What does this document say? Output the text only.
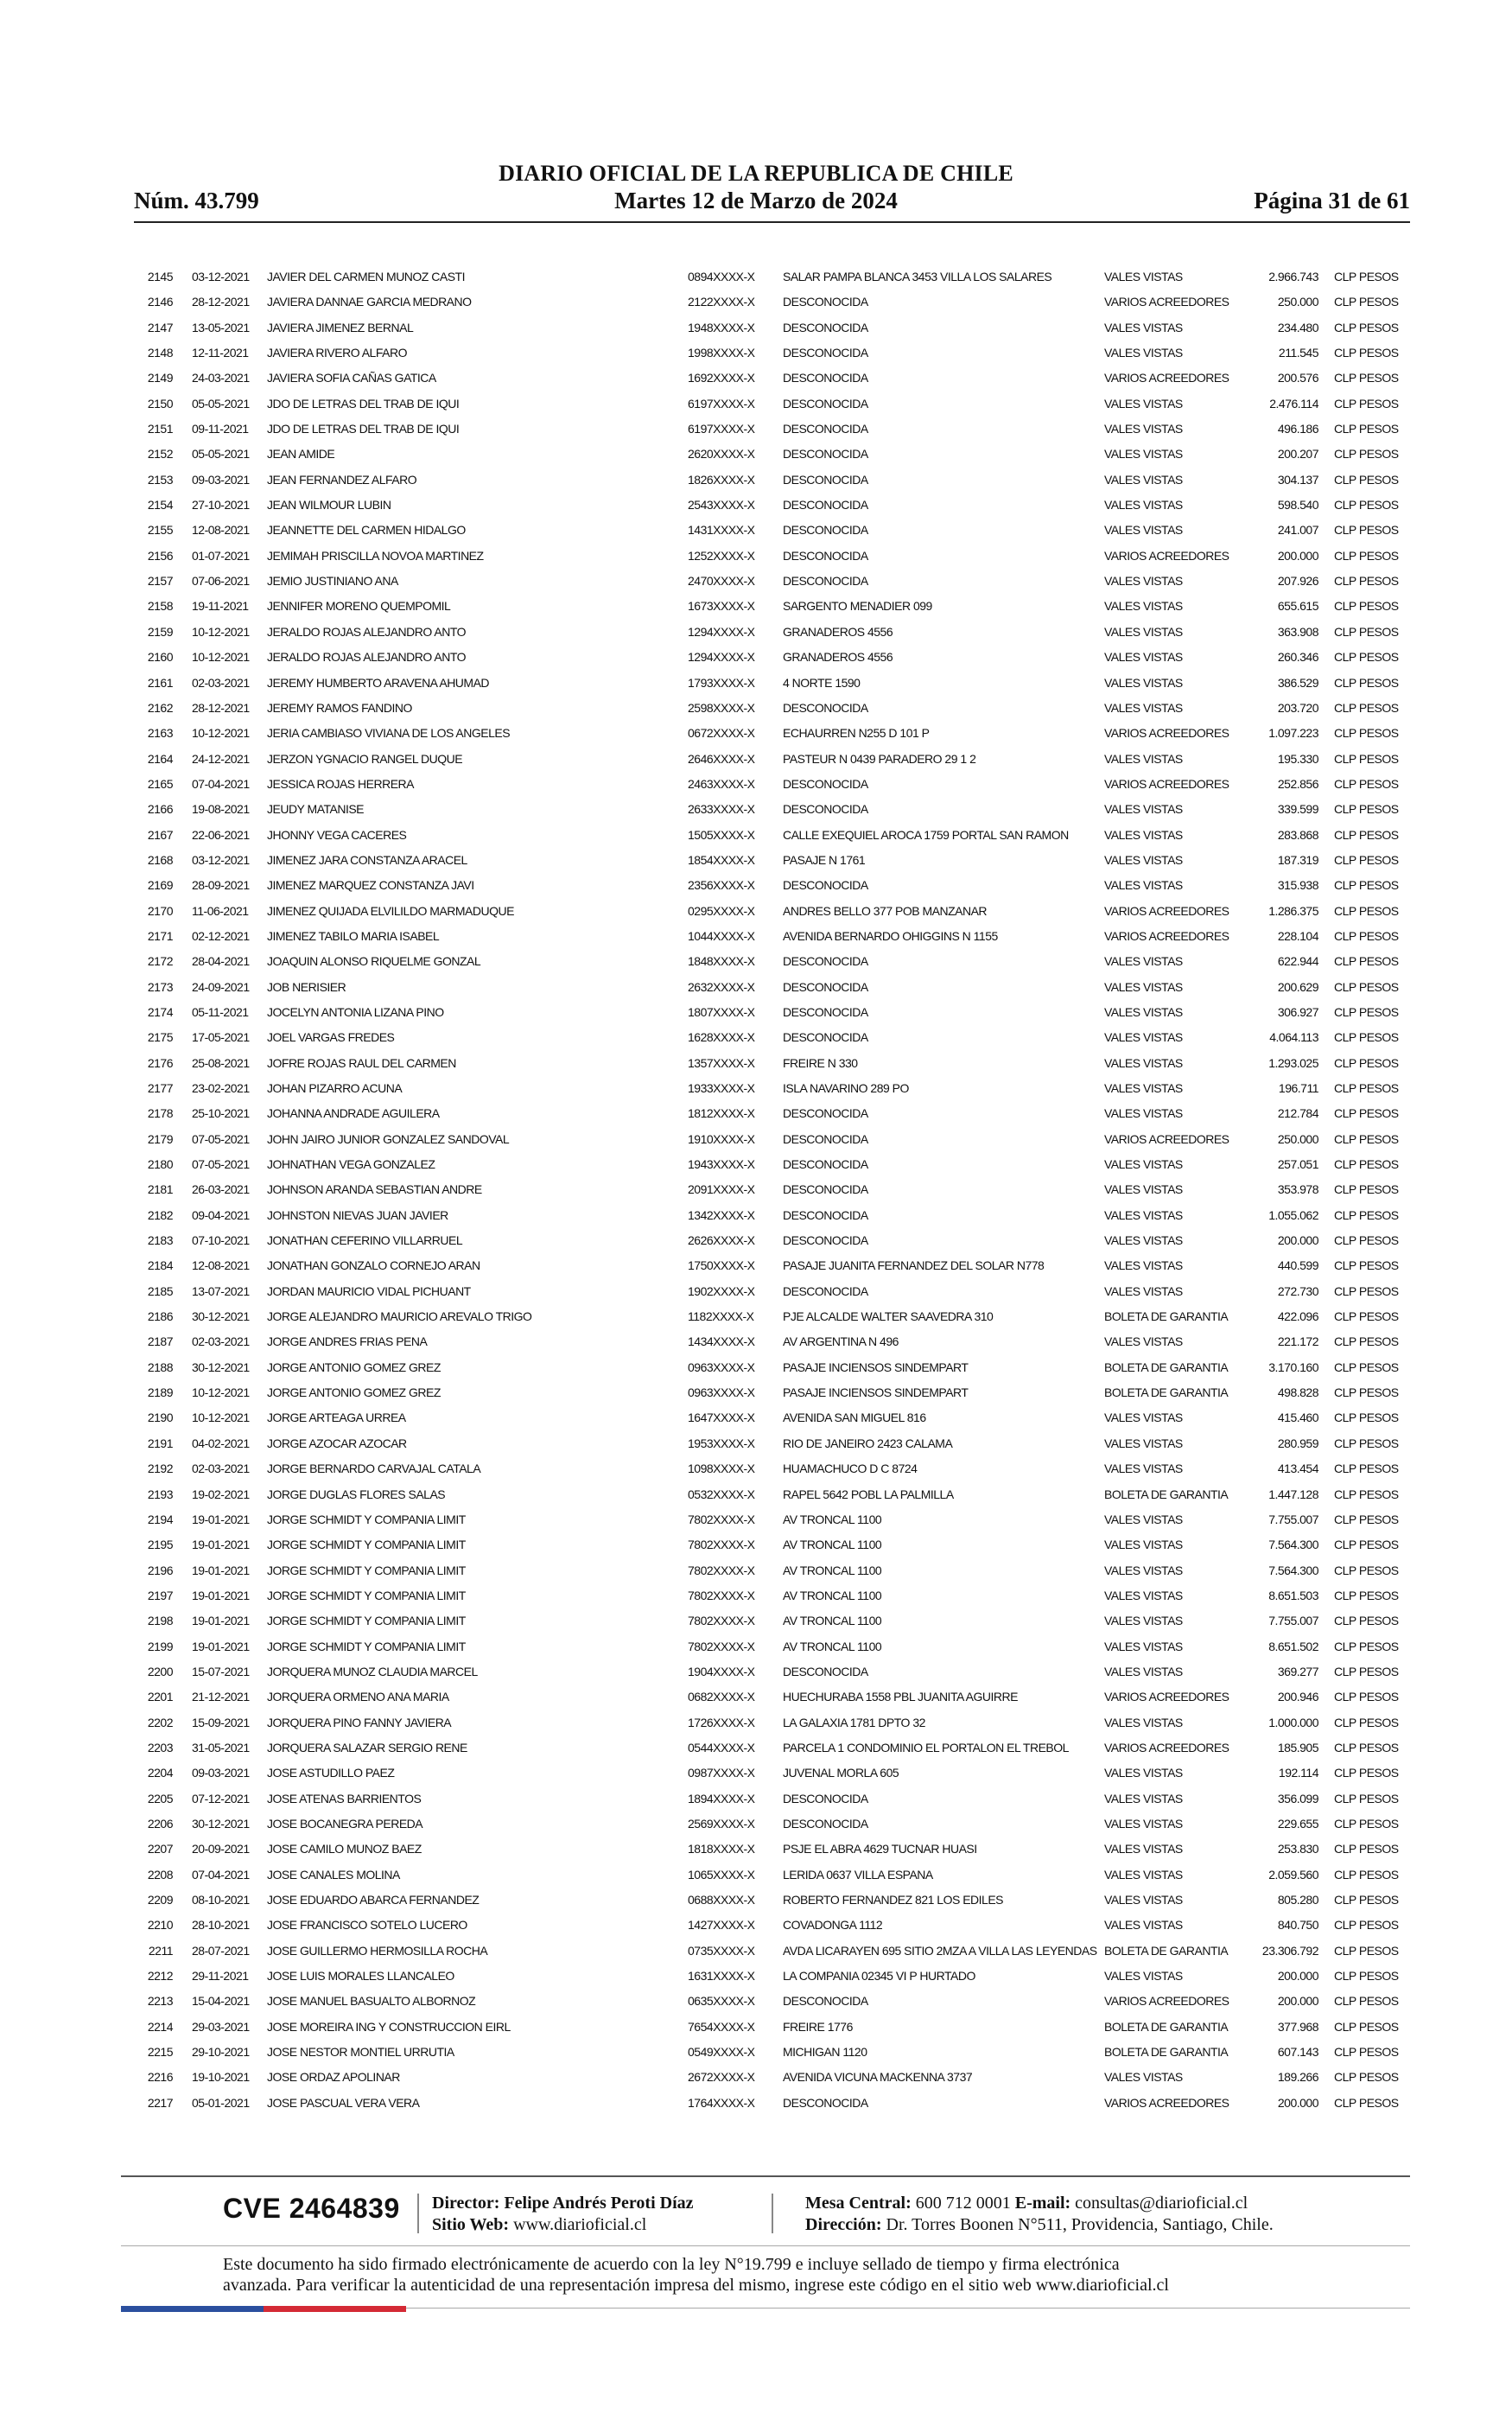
DIARIO OFICIAL DE LA REPUBLICA DE CHILE
Núm. 43.799	Martes 12 de Marzo de 2024	Página 31 de 61
2145 03-12-2021 JAVIER DEL CARMEN MUNOZ CASTI	0894XXXX-X SALAR PAMPA BLANCA 3453 VILLA LOS SALARES	VALES VISTAS	2.966.743 CLP PESOS
2146 28-12-2021 JAVIERA DANNAE GARCIA MEDRANO	2122XXXX-X DESCONOCIDA	VARIOS ACREEDORES	250.000 CLP PESOS
2147 13-05-2021 JAVIERA JIMENEZ BERNAL	1948XXXX-X DESCONOCIDA	VALES VISTAS	234.480 CLP PESOS
2148 12-11-2021 JAVIERA RIVERO ALFARO	1998XXXX-X DESCONOCIDA	VALES VISTAS	211.545 CLP PESOS
2149 24-03-2021 JAVIERA SOFIA CAÑAS GATICA	1692XXXX-X DESCONOCIDA	VARIOS ACREEDORES	200.576 CLP PESOS
2150 05-05-2021 JDO DE LETRAS DEL TRAB DE IQUI	6197XXXX-X DESCONOCIDA	VALES VISTAS	2.476.114 CLP PESOS
2151 09-11-2021 JDO DE LETRAS DEL TRAB DE IQUI	6197XXXX-X DESCONOCIDA	VALES VISTAS	496.186 CLP PESOS
2152 05-05-2021 JEAN AMIDE	2620XXXX-X DESCONOCIDA	VALES VISTAS	200.207 CLP PESOS
2153 09-03-2021 JEAN FERNANDEZ ALFARO	1826XXXX-X DESCONOCIDA	VALES VISTAS	304.137 CLP PESOS
2154 27-10-2021 JEAN WILMOUR LUBIN	2543XXXX-X DESCONOCIDA	VALES VISTAS	598.540 CLP PESOS
2155 12-08-2021 JEANNETTE DEL CARMEN HIDALGO	1431XXXX-X DESCONOCIDA	VALES VISTAS	241.007 CLP PESOS
2156 01-07-2021 JEMIMAH PRISCILLA NOVOA MARTINEZ	1252XXXX-X DESCONOCIDA	VARIOS ACREEDORES	200.000 CLP PESOS
2157 07-06-2021 JEMIO JUSTINIANO ANA	2470XXXX-X DESCONOCIDA	VALES VISTAS	207.926 CLP PESOS
2158 19-11-2021 JENNIFER MORENO QUEMPOMIL	1673XXXX-X SARGENTO MENADIER 099	VALES VISTAS	655.615 CLP PESOS
2159 10-12-2021 JERALDO ROJAS ALEJANDRO ANTO	1294XXXX-X GRANADEROS 4556	VALES VISTAS	363.908 CLP PESOS
2160 10-12-2021 JERALDO ROJAS ALEJANDRO ANTO	1294XXXX-X GRANADEROS 4556	VALES VISTAS	260.346 CLP PESOS
2161 02-03-2021 JEREMY HUMBERTO ARAVENA AHUMAD	1793XXXX-X 4 NORTE 1590	VALES VISTAS	386.529 CLP PESOS
2162 28-12-2021 JEREMY RAMOS FANDINO	2598XXXX-X DESCONOCIDA	VALES VISTAS	203.720 CLP PESOS
2163 10-12-2021 JERIA CAMBIASO VIVIANA DE LOS ANGELES	0672XXXX-X ECHAURREN N255 D 101 P	VARIOS ACREEDORES	1.097.223 CLP PESOS
2164 24-12-2021 JERZON YGNACIO RANGEL DUQUE	2646XXXX-X PASTEUR N 0439 PARADERO 29 1 2	VALES VISTAS	195.330 CLP PESOS
2165 07-04-2021 JESSICA ROJAS HERRERA	2463XXXX-X DESCONOCIDA	VARIOS ACREEDORES	252.856 CLP PESOS
2166 19-08-2021 JEUDY MATANISE	2633XXXX-X DESCONOCIDA	VALES VISTAS	339.599 CLP PESOS
2167 22-06-2021 JHONNY VEGA CACERES	1505XXXX-X CALLE EXEQUIEL AROCA 1759 PORTAL SAN RAMON	VALES VISTAS	283.868 CLP PESOS
2168 03-12-2021 JIMENEZ JARA CONSTANZA ARACEL	1854XXXX-X PASAJE N 1761	VALES VISTAS	187.319 CLP PESOS
2169 28-09-2021 JIMENEZ MARQUEZ CONSTANZA JAVI	2356XXXX-X DESCONOCIDA	VALES VISTAS	315.938 CLP PESOS
2170 11-06-2021 JIMENEZ QUIJADA ELVILILDO MARMADUQUE	0295XXXX-X ANDRES BELLO 377 POB MANZANAR	VARIOS ACREEDORES	1.286.375 CLP PESOS
2171 02-12-2021 JIMENEZ TABILO MARIA ISABEL	1044XXXX-X AVENIDA BERNARDO OHIGGINS N 1155	VARIOS ACREEDORES	228.104 CLP PESOS
2172 28-04-2021 JOAQUIN ALONSO RIQUELME GONZAL	1848XXXX-X DESCONOCIDA	VALES VISTAS	622.944 CLP PESOS
2173 24-09-2021 JOB NERISIER	2632XXXX-X DESCONOCIDA	VALES VISTAS	200.629 CLP PESOS
2174 05-11-2021 JOCELYN ANTONIA LIZANA PINO	1807XXXX-X DESCONOCIDA	VALES VISTAS	306.927 CLP PESOS
2175 17-05-2021 JOEL VARGAS FREDES	1628XXXX-X DESCONOCIDA	VALES VISTAS	4.064.113 CLP PESOS
2176 25-08-2021 JOFRE ROJAS RAUL DEL CARMEN	1357XXXX-X FREIRE N 330	VALES VISTAS	1.293.025 CLP PESOS
2177 23-02-2021 JOHAN PIZARRO ACUNA	1933XXXX-X ISLA NAVARINO 289 PO	VALES VISTAS	196.711 CLP PESOS
2178 25-10-2021 JOHANNA ANDRADE AGUILERA	1812XXXX-X DESCONOCIDA	VALES VISTAS	212.784 CLP PESOS
2179 07-05-2021 JOHN JAIRO JUNIOR GONZALEZ SANDOVAL	1910XXXX-X DESCONOCIDA	VARIOS ACREEDORES	250.000 CLP PESOS
2180 07-05-2021 JOHNATHAN VEGA GONZALEZ	1943XXXX-X DESCONOCIDA	VALES VISTAS	257.051 CLP PESOS
2181 26-03-2021 JOHNSON ARANDA SEBASTIAN ANDRE	2091XXXX-X DESCONOCIDA	VALES VISTAS	353.978 CLP PESOS
2182 09-04-2021 JOHNSTON NIEVAS JUAN JAVIER	1342XXXX-X DESCONOCIDA	VALES VISTAS	1.055.062 CLP PESOS
2183 07-10-2021 JONATHAN CEFERINO VILLARRUEL	2626XXXX-X DESCONOCIDA	VALES VISTAS	200.000 CLP PESOS
2184 12-08-2021 JONATHAN GONZALO CORNEJO ARAN	1750XXXX-X PASAJE JUANITA FERNANDEZ DEL SOLAR N778	VALES VISTAS	440.599 CLP PESOS
2185 13-07-2021 JORDAN MAURICIO VIDAL PICHUANT	1902XXXX-X DESCONOCIDA	VALES VISTAS	272.730 CLP PESOS
2186 30-12-2021 JORGE ALEJANDRO MAURICIO AREVALO TRIGO	1182XXXX-X PJE ALCALDE WALTER SAAVEDRA 310	BOLETA DE GARANTIA	422.096 CLP PESOS
2187 02-03-2021 JORGE ANDRES FRIAS PENA	1434XXXX-X AV ARGENTINA N 496	VALES VISTAS	221.172 CLP PESOS
2188 30-12-2021 JORGE ANTONIO GOMEZ GREZ	0963XXXX-X PASAJE INCIENSOS SINDEMPART	BOLETA DE GARANTIA	3.170.160 CLP PESOS
2189 10-12-2021 JORGE ANTONIO GOMEZ GREZ	0963XXXX-X PASAJE INCIENSOS SINDEMPART	BOLETA DE GARANTIA	498.828 CLP PESOS
2190 10-12-2021 JORGE ARTEAGA URREA	1647XXXX-X AVENIDA SAN MIGUEL 816	VALES VISTAS	415.460 CLP PESOS
2191 04-02-2021 JORGE AZOCAR AZOCAR	1953XXXX-X RIO DE JANEIRO 2423 CALAMA	VALES VISTAS	280.959 CLP PESOS
2192 02-03-2021 JORGE BERNARDO CARVAJAL CATALA	1098XXXX-X HUAMACHUCO D C 8724	VALES VISTAS	413.454 CLP PESOS
2193 19-02-2021 JORGE DUGLAS FLORES SALAS	0532XXXX-X RAPEL 5642 POBL LA PALMILLA	BOLETA DE GARANTIA	1.447.128 CLP PESOS
2194 19-01-2021 JORGE SCHMIDT Y COMPANIA LIMIT	7802XXXX-X AV TRONCAL 1100	VALES VISTAS	7.755.007 CLP PESOS
2195 19-01-2021 JORGE SCHMIDT Y COMPANIA LIMIT	7802XXXX-X AV TRONCAL 1100	VALES VISTAS	7.564.300 CLP PESOS
2196 19-01-2021 JORGE SCHMIDT Y COMPANIA LIMIT	7802XXXX-X AV TRONCAL 1100	VALES VISTAS	7.564.300 CLP PESOS
2197 19-01-2021 JORGE SCHMIDT Y COMPANIA LIMIT	7802XXXX-X AV TRONCAL 1100	VALES VISTAS	8.651.503 CLP PESOS
2198 19-01-2021 JORGE SCHMIDT Y COMPANIA LIMIT	7802XXXX-X AV TRONCAL 1100	VALES VISTAS	7.755.007 CLP PESOS
2199 19-01-2021 JORGE SCHMIDT Y COMPANIA LIMIT	7802XXXX-X AV TRONCAL 1100	VALES VISTAS	8.651.502 CLP PESOS
2200 15-07-2021 JORQUERA MUNOZ CLAUDIA MARCEL	1904XXXX-X DESCONOCIDA	VALES VISTAS	369.277 CLP PESOS
2201 21-12-2021 JORQUERA ORMENO ANA MARIA	0682XXXX-X HUECHURABA 1558 PBL JUANITA AGUIRRE	VARIOS ACREEDORES	200.946 CLP PESOS
2202 15-09-2021 JORQUERA PINO FANNY JAVIERA	1726XXXX-X LA GALAXIA 1781 DPTO 32	VALES VISTAS	1.000.000 CLP PESOS
2203 31-05-2021 JORQUERA SALAZAR SERGIO RENE	0544XXXX-X PARCELA 1 CONDOMINIO EL PORTALON EL TREBOL	VARIOS ACREEDORES	185.905 CLP PESOS
2204 09-03-2021 JOSE ASTUDILLO PAEZ	0987XXXX-X JUVENAL MORLA 605	VALES VISTAS	192.114 CLP PESOS
2205 07-12-2021 JOSE ATENAS BARRIENTOS	1894XXXX-X DESCONOCIDA	VALES VISTAS	356.099 CLP PESOS
2206 30-12-2021 JOSE BOCANEGRA PEREDA	2569XXXX-X DESCONOCIDA	VALES VISTAS	229.655 CLP PESOS
2207 20-09-2021 JOSE CAMILO MUNOZ BAEZ	1818XXXX-X PSJE EL ABRA 4629 TUCNAR HUASI	VALES VISTAS	253.830 CLP PESOS
2208 07-04-2021 JOSE CANALES MOLINA	1065XXXX-X LERIDA 0637 VILLA ESPANA	VALES VISTAS	2.059.560 CLP PESOS
2209 08-10-2021 JOSE EDUARDO ABARCA FERNANDEZ	0688XXXX-X ROBERTO FERNANDEZ 821 LOS EDILES	VALES VISTAS	805.280 CLP PESOS
2210 28-10-2021 JOSE FRANCISCO SOTELO LUCERO	1427XXXX-X COVADONGA 1112	VALES VISTAS	840.750 CLP PESOS
2211 28-07-2021 JOSE GUILLERMO HERMOSILLA ROCHA	0735XXXX-X AVDA LICARAYEN 695 SITIO 2MZA A VILLA LAS LEYENDAS BOLETA DE GARANTIA	23.306.792 CLP PESOS
2212 29-11-2021 JOSE LUIS MORALES LLANCALEO	1631XXXX-X LA COMPANIA 02345 VI P HURTADO	VALES VISTAS	200.000 CLP PESOS
2213 15-04-2021 JOSE MANUEL BASUALTO ALBORNOZ	0635XXXX-X DESCONOCIDA	VARIOS ACREEDORES	200.000 CLP PESOS
2214 29-03-2021 JOSE MOREIRA ING Y CONSTRUCCION EIRL	7654XXXX-X FREIRE 1776	BOLETA DE GARANTIA	377.968 CLP PESOS
2215 29-10-2021 JOSE NESTOR MONTIEL URRUTIA	0549XXXX-X MICHIGAN 1120	BOLETA DE GARANTIA	607.143 CLP PESOS
2216 19-10-2021 JOSE ORDAZ APOLINAR	2672XXXX-X AVENIDA VICUNA MACKENNA 3737	VALES VISTAS	189.266 CLP PESOS
2217 05-01-2021 JOSE PASCUAL VERA VERA	1764XXXX-X DESCONOCIDA	VARIOS ACREEDORES	200.000 CLP PESOS
CVE 2464839 Director: Felipe Andrés Peroti Díaz
Sitio Web: www.diarioficial.cl
Mesa Central: 600 712 0001 E-mail: consultas@diarioficial.cl
Dirección: Dr. Torres Boonen N°511, Providencia, Santiago, Chile.
Este documento ha sido firmado electrónicamente de acuerdo con la ley N°19.799 e incluye sellado de tiempo y firma electrónica
avanzada. Para verificar la autenticidad de una representación impresa del mismo, ingrese este código en el sitio web www.diarioficial.cl
